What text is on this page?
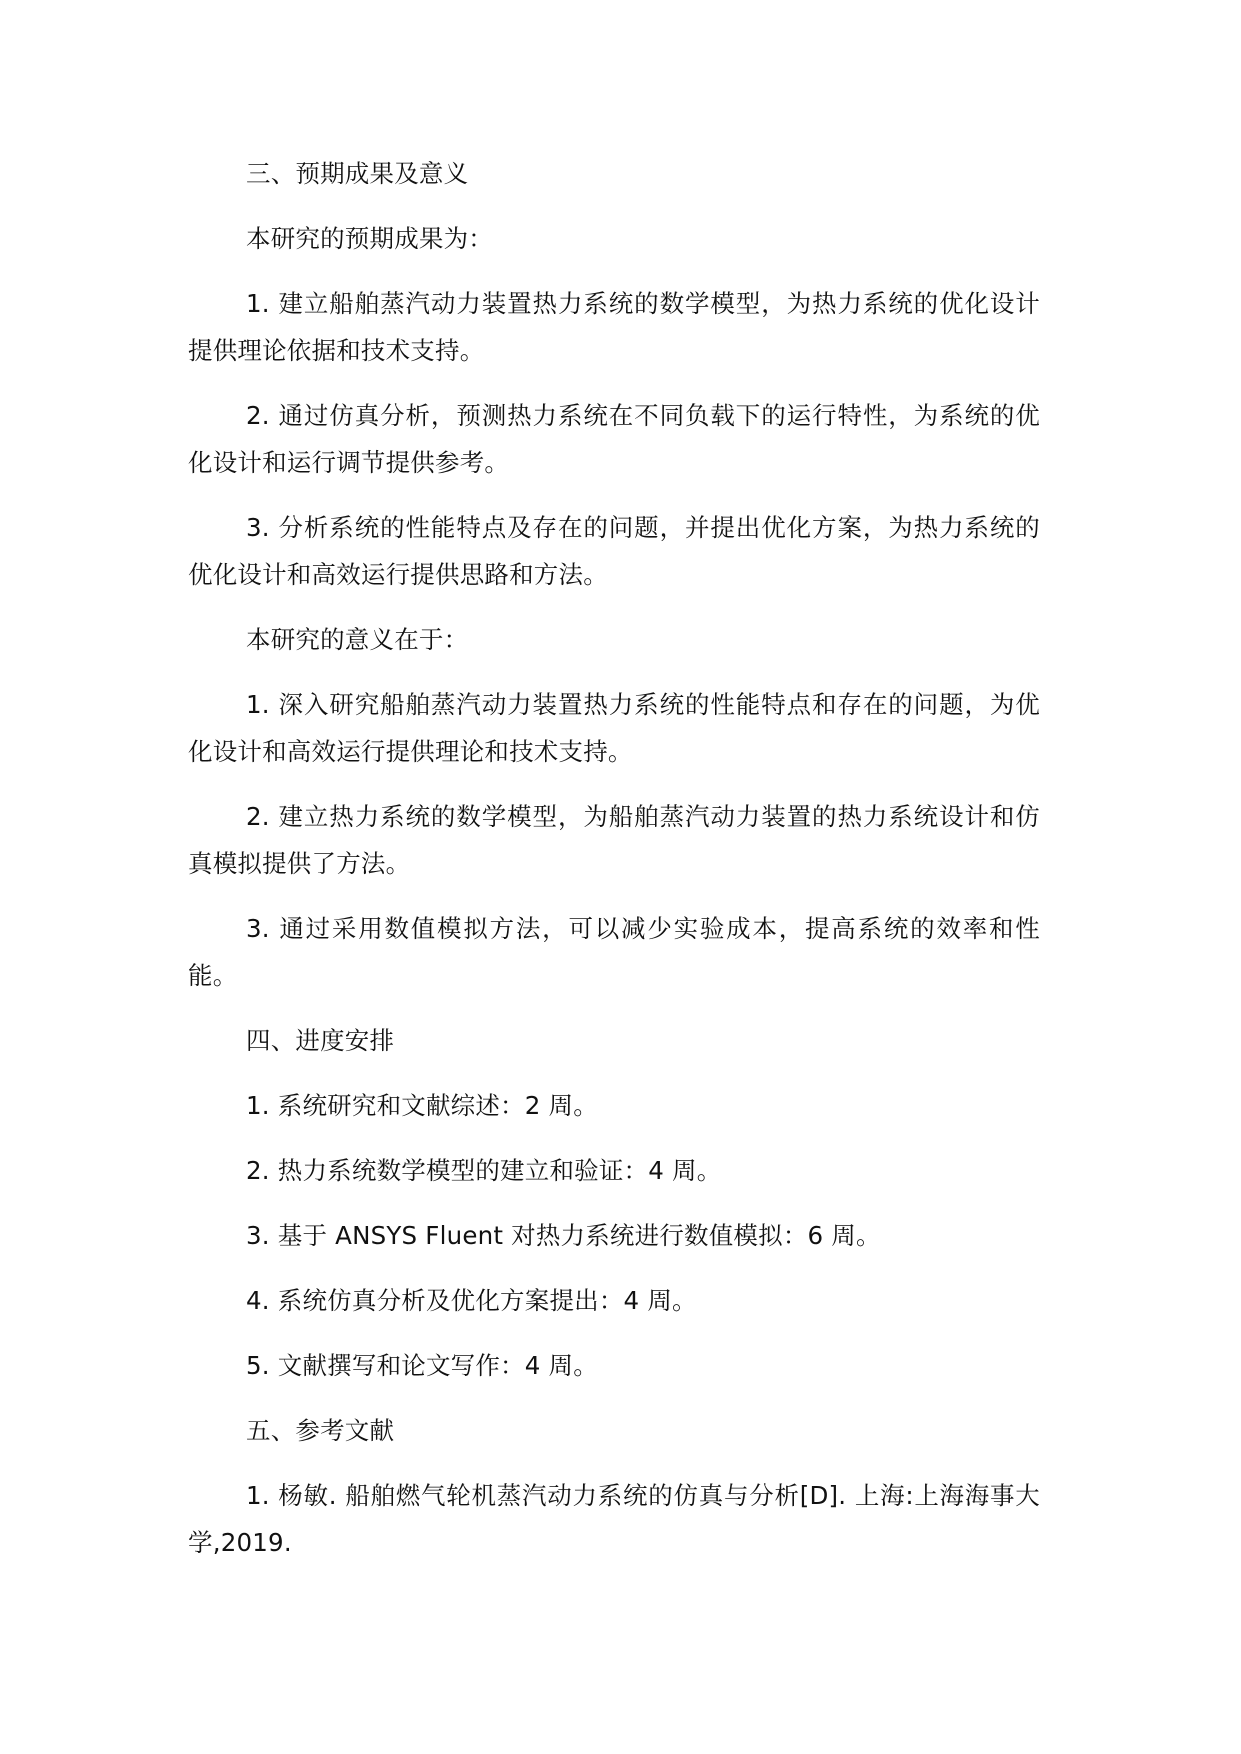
三、预期成果及意义

本研究的预期成果为：

1. 建立船舶蒸汽动力装置热力系统的数学模型，为热力系统的优化设计提供理论依据和技术支持。

2. 通过仿真分析，预测热力系统在不同负载下的运行特性，为系统的优化设计和运行调节提供参考。

3. 分析系统的性能特点及存在的问题，并提出优化方案，为热力系统的优化设计和高效运行提供思路和方法。

本研究的意义在于：

1. 深入研究船舶蒸汽动力装置热力系统的性能特点和存在的问题，为优化设计和高效运行提供理论和技术支持。

2. 建立热力系统的数学模型，为船舶蒸汽动力装置的热力系统设计和仿真模拟提供了方法。

3. 通过采用数值模拟方法，可以减少实验成本，提高系统的效率和性能。

四、进度安排

1. 系统研究和文献综述：2 周。

2. 热力系统数学模型的建立和验证：4 周。

3. 基于 ANSYS Fluent 对热力系统进行数值模拟：6 周。

4. 系统仿真分析及优化方案提出：4 周。

5. 文献撰写和论文写作：4 周。

五、参考文献

1. 杨敏. 船舶燃气轮机蒸汽动力系统的仿真与分析[D]. 上海:上海海事大学,2019.
